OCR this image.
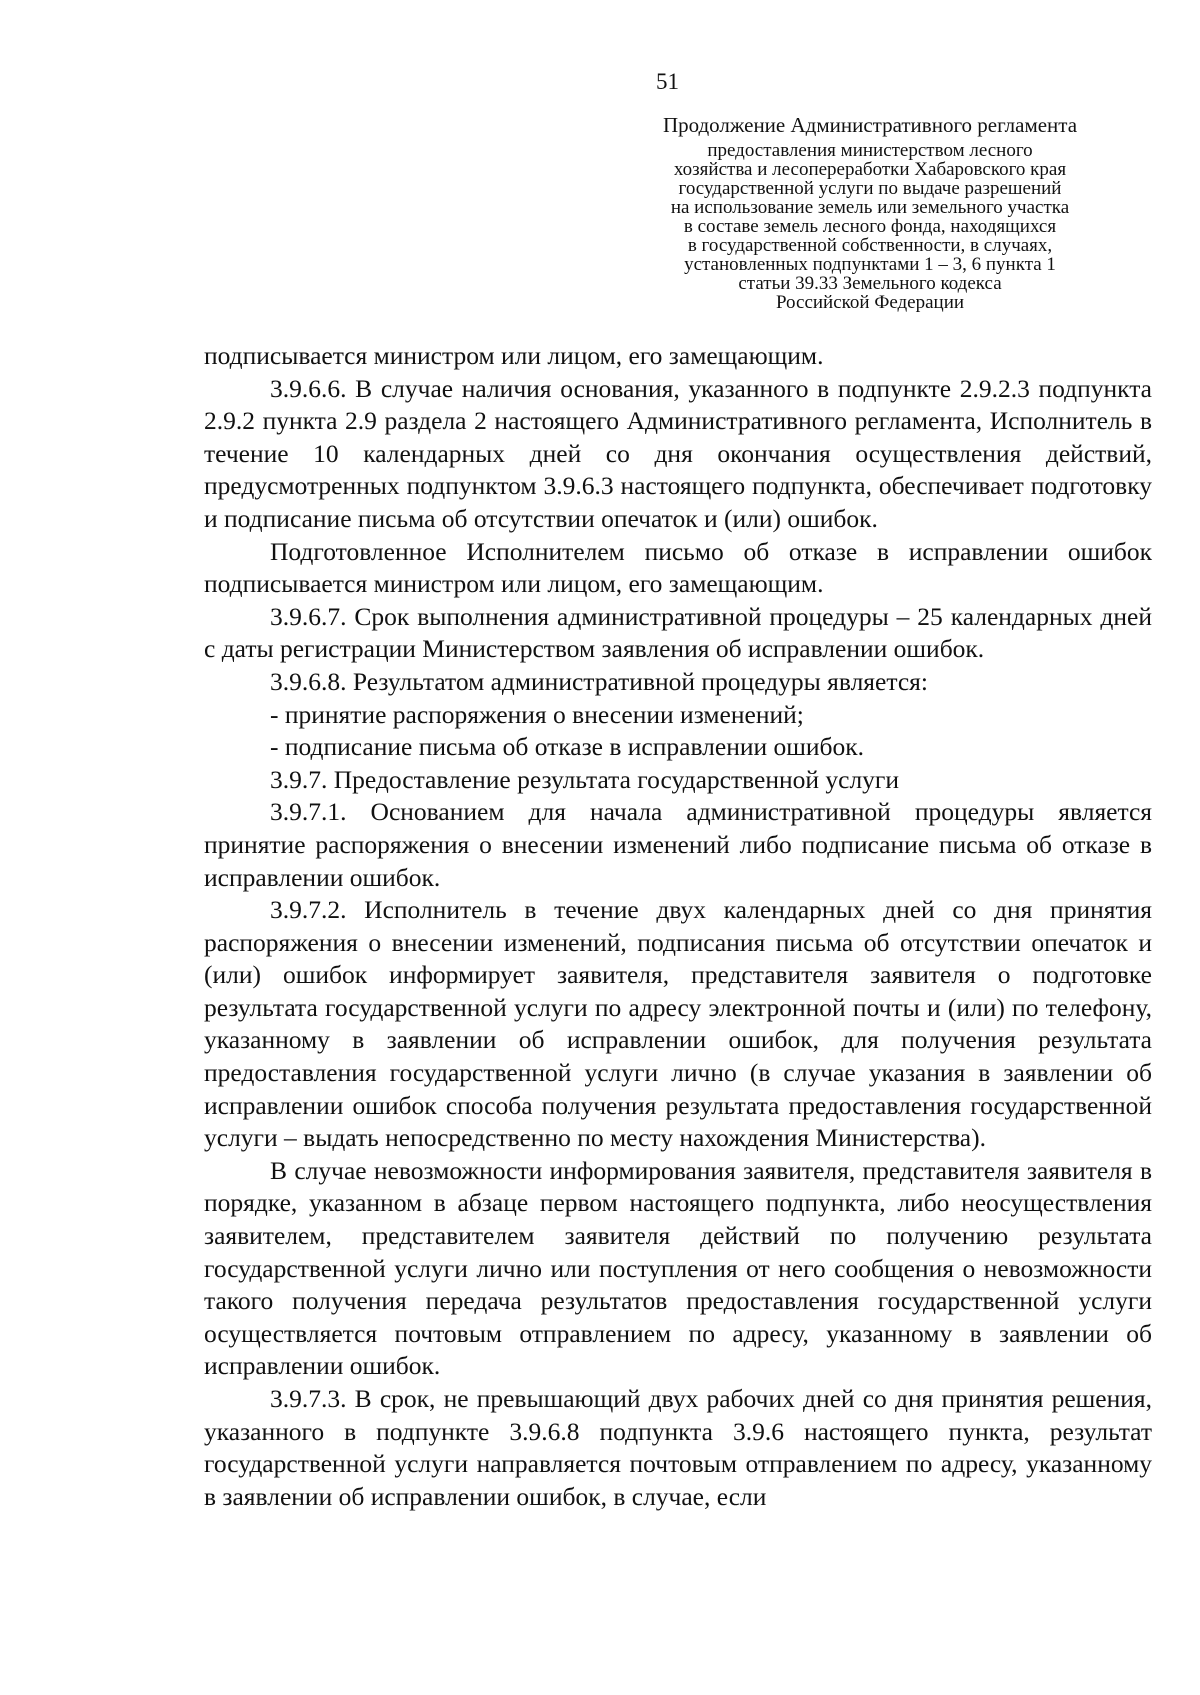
51
Продолжение Административного регламента
предоставления министерством лесного
хозяйства и лесопереработки Хабаровского края
государственной услуги по выдаче разрешений
на использование земель или земельного участка
в составе земель лесного фонда, находящихся
в государственной собственности, в случаях,
установленных подпунктами 1 – 3, 6 пункта 1
статьи 39.33 Земельного кодекса
Российской Федерации

подписывается министром или лицом, его замещающим.

3.9.6.6. В случае наличия основания, указанного в подпункте 2.9.2.3 подпункта 2.9.2 пункта 2.9 раздела 2 настоящего Административного регламента, Исполнитель в течение 10 календарных дней со дня окончания осуществления действий, предусмотренных подпунктом 3.9.6.3 настоящего подпункта, обеспечивает подготовку и подписание письма об отсутствии опечаток и (или) ошибок.

Подготовленное Исполнителем письмо об отказе в исправлении ошибок подписывается министром или лицом, его замещающим.

3.9.6.7. Срок выполнения административной процедуры – 25 календарных дней с даты регистрации Министерством заявления об исправлении ошибок.

3.9.6.8. Результатом административной процедуры является:

- принятие распоряжения о внесении изменений;

- подписание письма об отказе в исправлении ошибок.

3.9.7. Предоставление результата государственной услуги

3.9.7.1. Основанием для начала административной процедуры является принятие распоряжения о внесении изменений либо подписание письма об отказе в исправлении ошибок.

3.9.7.2. Исполнитель в течение двух календарных дней со дня принятия распоряжения о внесении изменений, подписания письма об отсутствии опечаток и (или) ошибок информирует заявителя, представителя заявителя о подготовке результата государственной услуги по адресу электронной почты и (или) по телефону, указанному в заявлении об исправлении ошибок, для получения результата предоставления государственной услуги лично (в случае указания в заявлении об исправлении ошибок способа получения результата предоставления государственной услуги – выдать непосредственно по месту нахождения Министерства).

В случае невозможности информирования заявителя, представителя заявителя в порядке, указанном в абзаце первом настоящего подпункта, либо неосуществления заявителем, представителем заявителя действий по получению результата государственной услуги лично или поступления от него сообщения о невозможности такого получения передача результатов предоставления государственной услуги осуществляется почтовым отправлением по адресу, указанному в заявлении об исправлении ошибок.

3.9.7.3. В срок, не превышающий двух рабочих дней со дня принятия решения, указанного в подпункте 3.9.6.8 подпункта 3.9.6 настоящего пункта, результат государственной услуги направляется почтовым отправлением по адресу, указанному в заявлении об исправлении ошибок, в случае, если
